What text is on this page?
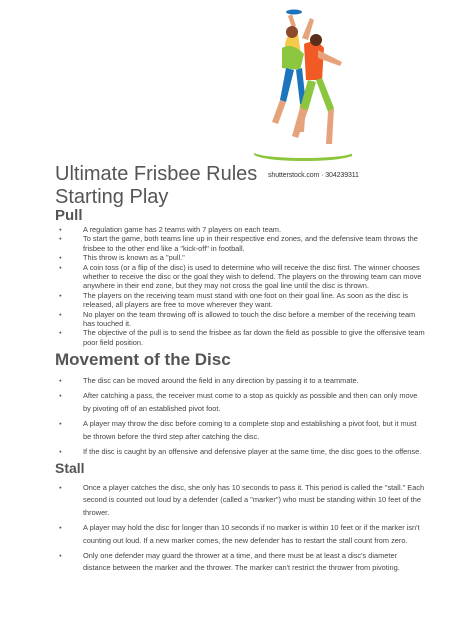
shutterstock.com · 304239311
Ultimate Frisbee Rules
Starting Play
Pull
● A regulation game has 2 teams with 7 players on each team.
● To start the game, both teams line up in their respective end zones, and the defensive team throws the frisbee to the other end like a "kick-off" in football.
● This throw is known as a "pull."
● A coin toss (or a flip of the disc) is used to determine who will receive the disc first. The winner chooses whether to receive the disc or the goal they wish to defend. The players on the throwing team can move anywhere in their end zone, but they may not cross the goal line until the disc is thrown.
● The players on the receiving team must stand with one foot on their goal line. As soon as the disc is released, all players are free to move wherever they want.
● No player on the team throwing off is allowed to touch the disc before a member of the receiving team has touched it.
● The objective of the pull is to send the frisbee as far down the field as possible to give the offensive team poor field position.
Movement of the Disc
● The disc can be moved around the field in any direction by passing it to a teammate.
● After catching a pass, the receiver must come to a stop as quickly as possible and then can only move by pivoting off of an established pivot foot.
● A player may throw the disc before coming to a complete stop and establishing a pivot foot, but it must be thrown before the third step after catching the disc.
● If the disc is caught by an offensive and defensive player at the same time, the disc goes to the offense.
Stall
● Once a player catches the disc, she only has 10 seconds to pass it. This period is called the "stall." Each second is counted out loud by a defender (called a "marker") who must be standing within 10 feet of the thrower.
● A player may hold the disc for longer than 10 seconds if no marker is within 10 feet or if the marker isn't counting out loud. If a new marker comes, the new defender has to restart the stall count from zero.
● Only one defender may guard the thrower at a time, and there must be at least a disc's diameter distance between the marker and the thrower. The marker can't restrict the thrower from pivoting.
